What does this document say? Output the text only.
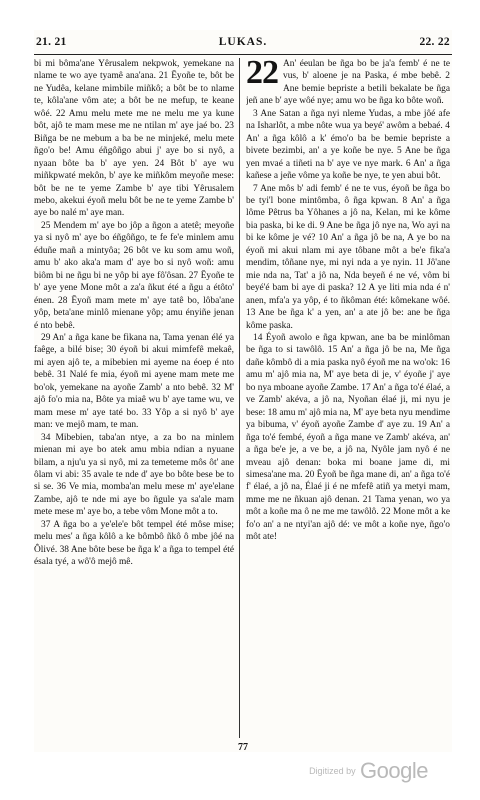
21. 21	LUKAS.	22. 22

bi mi bôma'ane Yêrusalem nekpwok, yemekane na nlame te wo aye tyamê ana'ana. 21 Ēyoñe te, bôt be ne Yudêa, kelane mimbile miñkô; a bôt be to nlame te, kôla'ane vôm ate; a bôt be ne mefup, te keane wôé. 22 Amu melu mete me ne melu me ya kune bôt, ajô te mam mese me ne ntilan m' aye jaé bo. 23 Biñga be ne mebum a ba be ne minjeké, melu mete ñgo'o be! Amu éñgôñgo abui j' aye bo si nyô, a nyaan bôte ba b' aye yen. 24 Bôt b' aye wu miñkpwaté mekôn, b' aye ke miñkôm meyoñe mese: bôt be ne te yeme Zambe b' aye tibi Yêrusalem mebo, akekui éyoñ melu bôt be ne te yeme Zambe b' aye bo nalé m' aye man.

25 Mendem m' aye bo jôp a ñgon a atetê; meyoñe ya si nyô m' aye bo éñgôñgo, te fe fe'e minlem amu éduñe mañ a mintyôa; 26 bôt ve ku som amu woñ, amu b' ako aka'a mam d' aye bo si nyô woñ: amu biôm bi ne ñgu bi ne yôp bi aye fô'ôsan. 27 Ēyoñe te b' aye yene Mone môt a za'a ñkut été a ñgu a étôto' énen. 28 Ēyoñ mam mete m' aye tatê bo, lôba'ane yôp, beta'ane minlô mienane yôp; amu ényiñe jenan é nto bebê.

29 An' a ñga kane be fikana na, Tama yenan élé ya faêge, a bilé bise; 30 éyoñ bi akui mimfefê mekaê, mi ayen ajô te, a mibebien mi ayeme na éoep é nto bebê. 31 Nalé fe mia, éyoñ mi ayene mam mete me bo'ok, yemekane na ayoñe Zamb' a nto bebê. 32 M' ajô fo'o mia na, Bôte ya miaê wu b' aye tame wu, ve mam mese m' aye taté bo. 33 Yôp a si nyô b' aye man: ve mejô mam, te man.

34 Mibebien, taba'an ntye, a za bo na minlem mienan mi aye bo atek amu mbia ndian a nyuane bilam, a nju'u ya si nyô, mi za temeteme môs ôt' ane ôlam vi abi: 35 avale te nde d' aye bo bôte bese be to si se. 36 Ve mia, momba'an melu mese m' aye'elane Zambe, ajô te nde mi aye bo ñgule ya sa'ale mam mete mese m' aye bo, a tebe vôm Mone môt a to.

37 A ñga bo a ye'ele'e bôt tempel été môse mise; melu mes' a ñga kôlô a ke bômbô ñkô ô mbe jôé na Ôlivé. 38 Ane bôte bese be ñga k' a ñga to tempel été ésala tyé, a wô'ô mejô mê.

22 An' éeulan be ñga bo be ja'a femb' é ne te vus, b' aloene je na Paska, é mbe bebê. 2 Ane bemie bepriste a betili bekalate be ñga jeñ ane b' aye wôé nye; amu wo be ñga ko bôte woñ.

3 Ane Satan a ñga nyi nleme Yudas, a mbe jôé afe na Isharlôt, a mbe nôte wua ya beyé' awôm a bebaé. 4 An' a ñga kôlô a k' émo'o ba be bemie bepriste a bivete bezimbi, an' a ye koñe be nye. 5 Ane be ñga yen mvaé a tiñeti na b' aye ve nye mark. 6 An' a ñga kañese a jeñe vôme ya koñe be nye, te yen abui bôt.

7 Ane môs b' adi femb' é ne te vus, éyoñ be ñga bo be tyi'l bone mintômba, ô ñga kpwan. 8 An' a ñga lôme Pêtrus ba Yôhanes a jô na, Kelan, mi ke kôme bia paska, bi ke di. 9 Ane be ñga jô nye na, Wo ayi na bi ke kôme je vé? 10 An' a ñga jô be na, A ye bo na éyoñ mi akui nlam mi aye tôbane môt a be'e fika'a mendim, tôñane nye, mi nyi nda a ye nyin. 11 Jô'ane mie nda na, Tat' a jô na, Nda beyeñ é ne vé, vôm bi beyé'é bam bi aye di paska? 12 A ye liti mia nda é n' anen, mfa'a ya yôp, é to ñkôman été: kômekane wôé. 13 Ane be ñga k' a yen, an' a ate jô be: ane be ñga kôme paska.

14 Éyoñ awolo e ñga kpwan, ane ba be minlôman be ñga to si tawôlô. 15 An' a ñga jô be na, Me ñga dañe kômbô di a mia paska nyô éyoñ me na wo'ok: 16 amu m' ajô mia na, M' aye beta di je, v' éyoñe j' aye bo nya mboane ayoñe Zambe. 17 An' a ñga to'é élaé, a ve Zamb' akéva, a jô na, Nyoñan élaé ji, mi nyu je bese: 18 amu m' ajô mia na, M' aye beta nyu mendime ya bibuma, v' éyoñ ayoñe Zambe d' aye zu. 19 An' a ñga to'é fembé, éyoñ a ñga mane ve Zamb' akéva, an' a ñga be'e je, a ve be, a jô na, Nyôle jam nyô é ne mveau ajô denan: boka mi boane jame di, mi simesa'ane ma. 20 Ēyoñ be ñga mane di, an' a ñga to'é f' élaé, a jô na, Élaé ji é ne mfefê atiñ ya metyi mam, mme me ne ñkuan ajô denan. 21 Tama yenan, wo ya môt a koñe ma ô ne me me tawôlô. 22 Mone môt a ke fo'o an' a ne ntyi'an ajô dé: ve môt a koñe nye, ñgo'o môt ate!

77
Digitized by Google
